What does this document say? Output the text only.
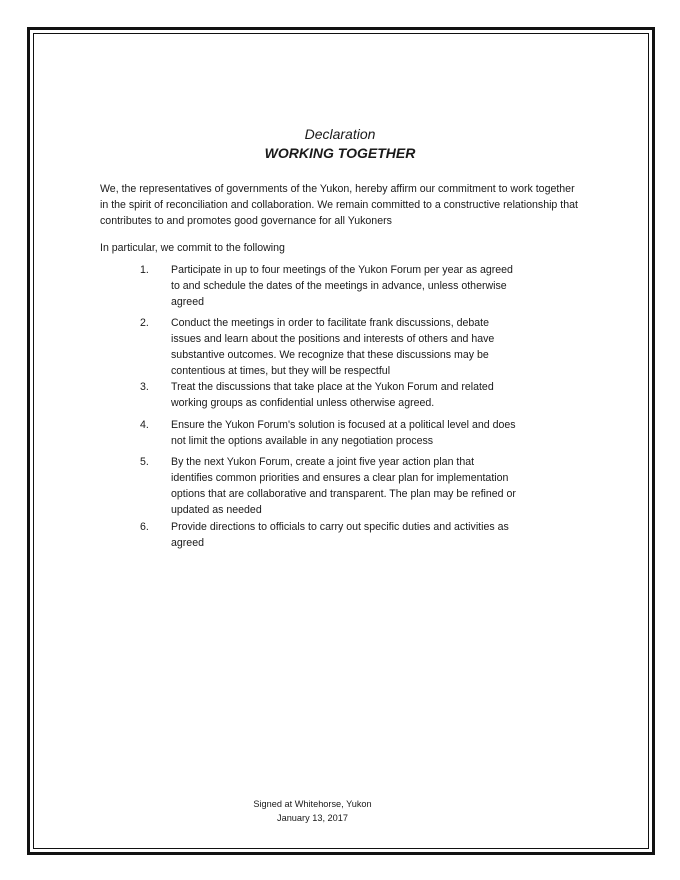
Declaration
WORKING TOGETHER
We, the representatives of governments of the Yukon, hereby affirm our commitment to work together in the spirit of reconciliation and collaboration. We remain committed to a constructive relationship that contributes to and promotes good governance for all Yukoners
In particular, we commit to the following
1.	Participate in up to four meetings of the Yukon Forum per year as agreed to and schedule the dates of the meetings in advance, unless otherwise agreed
2.	Conduct the meetings in order to facilitate frank discussions, debate issues and learn about the positions and interests of others and have substantive outcomes. We recognize that these discussions may be contentious at times, but they will be respectful
3.	Treat the discussions that take place at the Yukon Forum and related working groups as confidential unless otherwise agreed.
4.	Ensure the Yukon Forum's solution is focused at a political level and does not limit the options available in any negotiation process
5.	By the next Yukon Forum, create a joint five year action plan that identifies common priorities and ensures a clear plan for implementation options that are collaborative and transparent. The plan may be refined or updated as needed
6.	Provide directions to officials to carry out specific duties and activities as agreed
Signed at Whitehorse, Yukon
January 13, 2017
